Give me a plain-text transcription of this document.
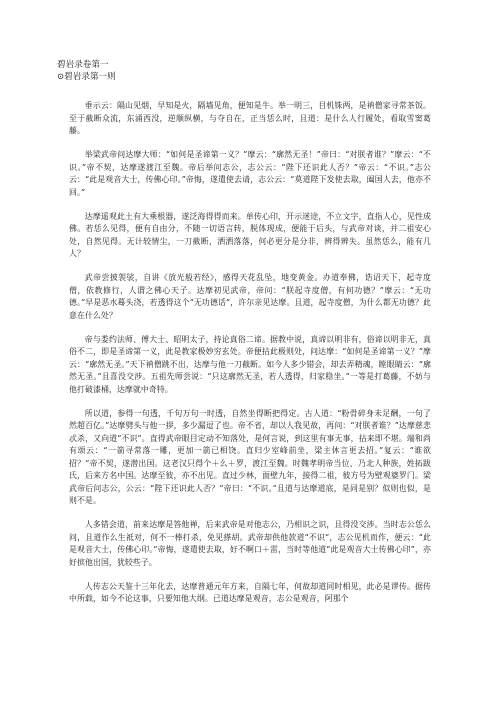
碧岩录卷第一
⊙碧岩录第一则

垂示云：隔山见烟，早知是火，隔墙见角，便知是牛。举一明三，目机铢两，是衲僧家寻常茶饭。至于截断众流，东涌西没，逆顺纵横，与夺自在，正当恁么时，且道：是什么人行履处，看取雪窦葛藤。

举梁武帝问达摩大师：“如何是圣谛第一义？”摩云：“廓然无圣！”帝曰：“对朕者谁？”摩云：“不识。”帝不契，达摩遂渡江至魏。帝后举问志公，志公云：“陛下还识此人否？”帝云：“不识。”志公云：“此是观音大士，传佛心印。”帝悔，遂遣使去请，志公云：“莫道陛下发使去取，阖国人去，他亦不回。”

达摩遥观此土有大乘根器，遂泛海得得而来。单传心印，开示迷途，不立文字，直指人心，见性成佛。若恁么见得，便有自由分，不随一切语言转，脱体现成，便能于后头，与武帝对谈，并二祖安心处，自然见得。无计较情尘，一刀截断，洒洒落落，何必更分是分非，辨得辨失。虽然恁么，能有几人？

武帝尝披袈裟，自讲《放光般若经》，感得天花乱坠，地变黄金。办道奉佛，诰诏天下，起寺度僧，依教修行，人谓之佛心天子。达摩初见武帝，帝问：“朕起寺度僧，有何功德？”摩云：“无功德。”早是恶水蓦头浇，若透得这个“无功德话”，许尔亲见达摩。且道，起寺度僧，为什么都无功德？此意在什么处？

帝与娄约法师、傅大士、昭明太子，持论真俗二谛。据教中说，真谛以明非有，俗谛以明非无，真俗不二，即是圣谛第一义，此是教家极妙穷玄处。帝便拈此极则处，问达摩：“如何是圣谛第一义？”摩云：“廓然无圣。”天下衲僧跳不出，达摩与他一刀截断。如今人多少错会，却去弄精魂，瞠眼睛云：“廓然无圣。”且喜没交涉。五祖先师尝说：“只这廓然无圣，若人透得，归家稳坐。”一等是打葛藤，不妨与他打破漆桶，达摩就中奇特。

所以道，参得一句透，千句万句一时透，自然坐得断把得定。古人道：“粉骨碎身未足酬，一句了然超百亿。”达摩劈头与他一拶，多少漏逗了也。帝不省，却以人我见故，再问：“对朕者谁？”达摩慈悲忒杀，又向道“不识”。直得武帝眼目定动不知落处，是何言说，到这里有事无事，拈来即不堪。端和尚有颂云：“一箭寻常落一雕，更加一箭已相饶。直归少室峰前坐，梁主休言更去招。”复云：“谁欲招？”帝不契，遂潜出国。这老汉只得个＋么＋罗，渡江至魏。时魏孝明帝当位，乃北人种族，姓拓跋氏，后来方名中国。达摩至彼，亦不出见。直过少林，面壁九年，接得二祖，彼方号为壁观婆罗门。梁武帝后问志公，公云：“陛下还识此人否？”帝曰：“不识。”且道与达摩道底，是同是别？似则也似，是则不是。

人多错会道，前来达摩是答他禅，后来武帝是对他志公，乃相识之识，且得没交涉。当时志公恁么问，且道作么生祗对，何不一棒打杀，免见搽胡。武帝却供他款道“不识”，志公见机而作，便云：“此是观音大士，传佛心印。”帝悔，遂遣使去取，好不啊口＋雷，当时等他道“此是观音大士传佛心印”，亦好摈他出国，犹较些子。

人传志公天鉴十三年化去，达摩普通元年方来，自隔七年，何故却道同时相见，此必是谬传。据传中所载，如今不论这事，只要知他大纲。已道达摩是观音，志公是观音，阿那个
